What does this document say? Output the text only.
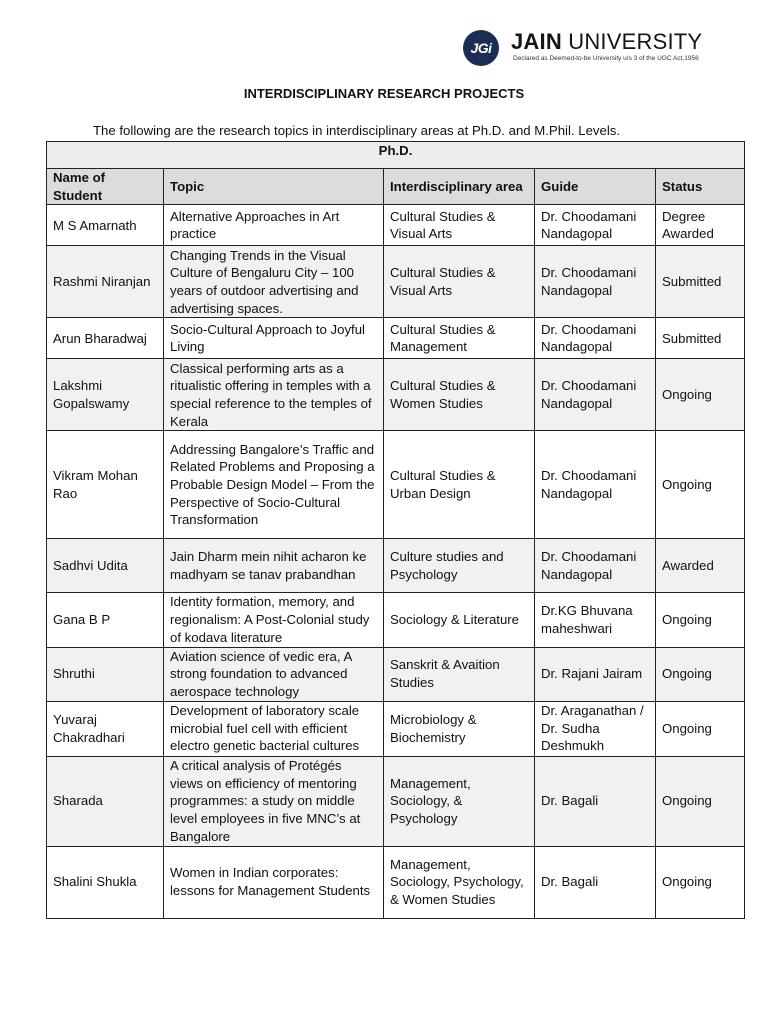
JGi JAIN UNIVERSITY
Declared as Deemed-to-be University u/s 3 of the UGC Act,1956
INTERDISCIPLINARY RESEARCH PROJECTS
The following are the research topics in interdisciplinary areas at Ph.D. and M.Phil. Levels.
Ph.D.				
Name of Student	Topic	Interdisciplinary area	Guide	Status
M S Amarnath	Alternative Approaches in Art practice	Cultural Studies & Visual Arts	Dr. Choodamani Nandagopal	Degree Awarded
Rashmi Niranjan	Changing Trends in the Visual Culture of Bengaluru City – 100 years of outdoor advertising and advertising spaces.	Cultural Studies & Visual Arts	Dr. Choodamani Nandagopal	Submitted
Arun Bharadwaj	Socio-Cultural Approach to Joyful Living	Cultural Studies & Management	Dr. Choodamani Nandagopal	Submitted
Lakshmi Gopalswamy	Classical performing arts as a ritualistic offering in temples with a special reference to the temples of Kerala	Cultural Studies & Women Studies	Dr. Choodamani Nandagopal	Ongoing
Vikram Mohan Rao	Addressing Bangalore’s Traffic and Related Problems and Proposing a Probable Design Model – From the Perspective of Socio-Cultural Transformation	Cultural Studies & Urban Design	Dr. Choodamani Nandagopal	Ongoing
Sadhvi Udita	Jain Dharm mein nihit acharon ke madhyam se tanav prabandhan	Culture studies and Psychology	Dr. Choodamani Nandagopal	Awarded
Gana B P	Identity formation, memory, and regionalism: A Post-Colonial study of kodava literature	Sociology & Literature	Dr.KG Bhuvana maheshwari	Ongoing
Shruthi	Aviation science of vedic era, A strong foundation to advanced aerospace technology	Sanskrit & Avaition Studies	Dr. Rajani Jairam	Ongoing
Yuvaraj Chakradhari	Development of laboratory scale microbial fuel cell with efficient electro genetic bacterial cultures	Microbiology & Biochemistry	Dr. Araganathan / Dr. Sudha Deshmukh	Ongoing
Sharada	A critical analysis of Protégés views on efficiency of mentoring programmes: a study on middle level employees in five MNC’s at Bangalore	Management, Sociology, & Psychology	Dr. Bagali	Ongoing
Shalini Shukla	Women in Indian corporates: lessons for Management Students	Management, Sociology, Psychology, & Women Studies	Dr. Bagali	Ongoing
